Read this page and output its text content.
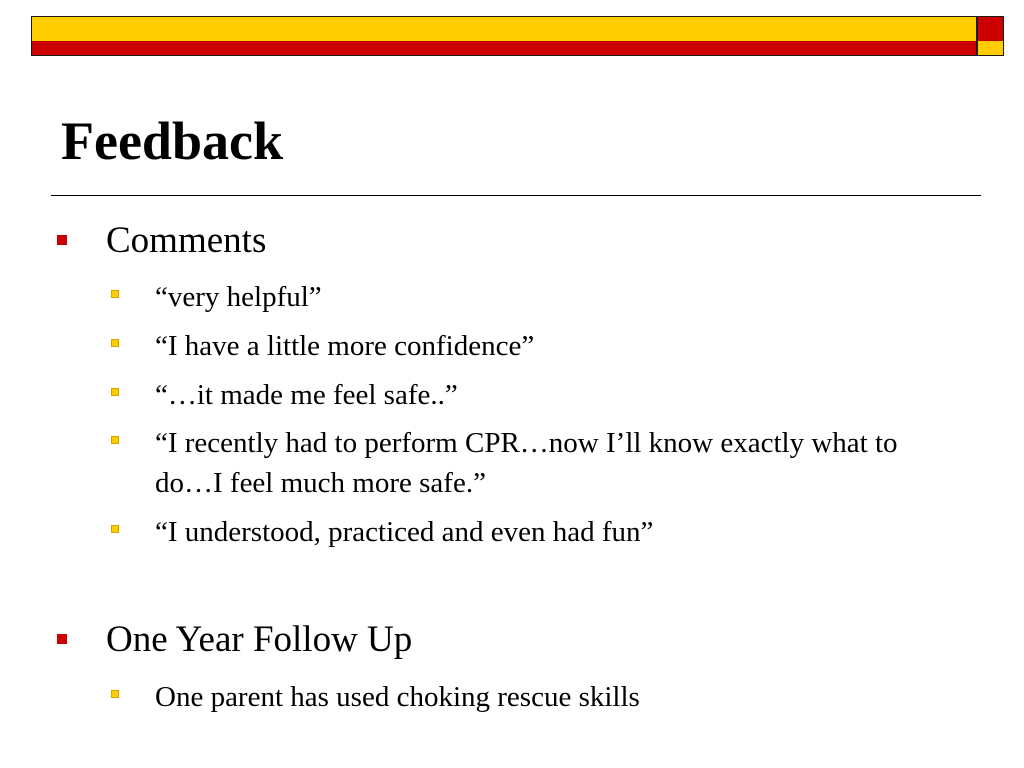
Feedback
Comments
“very helpful”
“I have a little more confidence”
“…it made me feel safe..”
“I recently had to perform CPR…now I’ll know exactly what to do…I feel much more safe.”
“I understood, practiced and even had fun”
One Year Follow Up
One parent has used choking rescue skills
